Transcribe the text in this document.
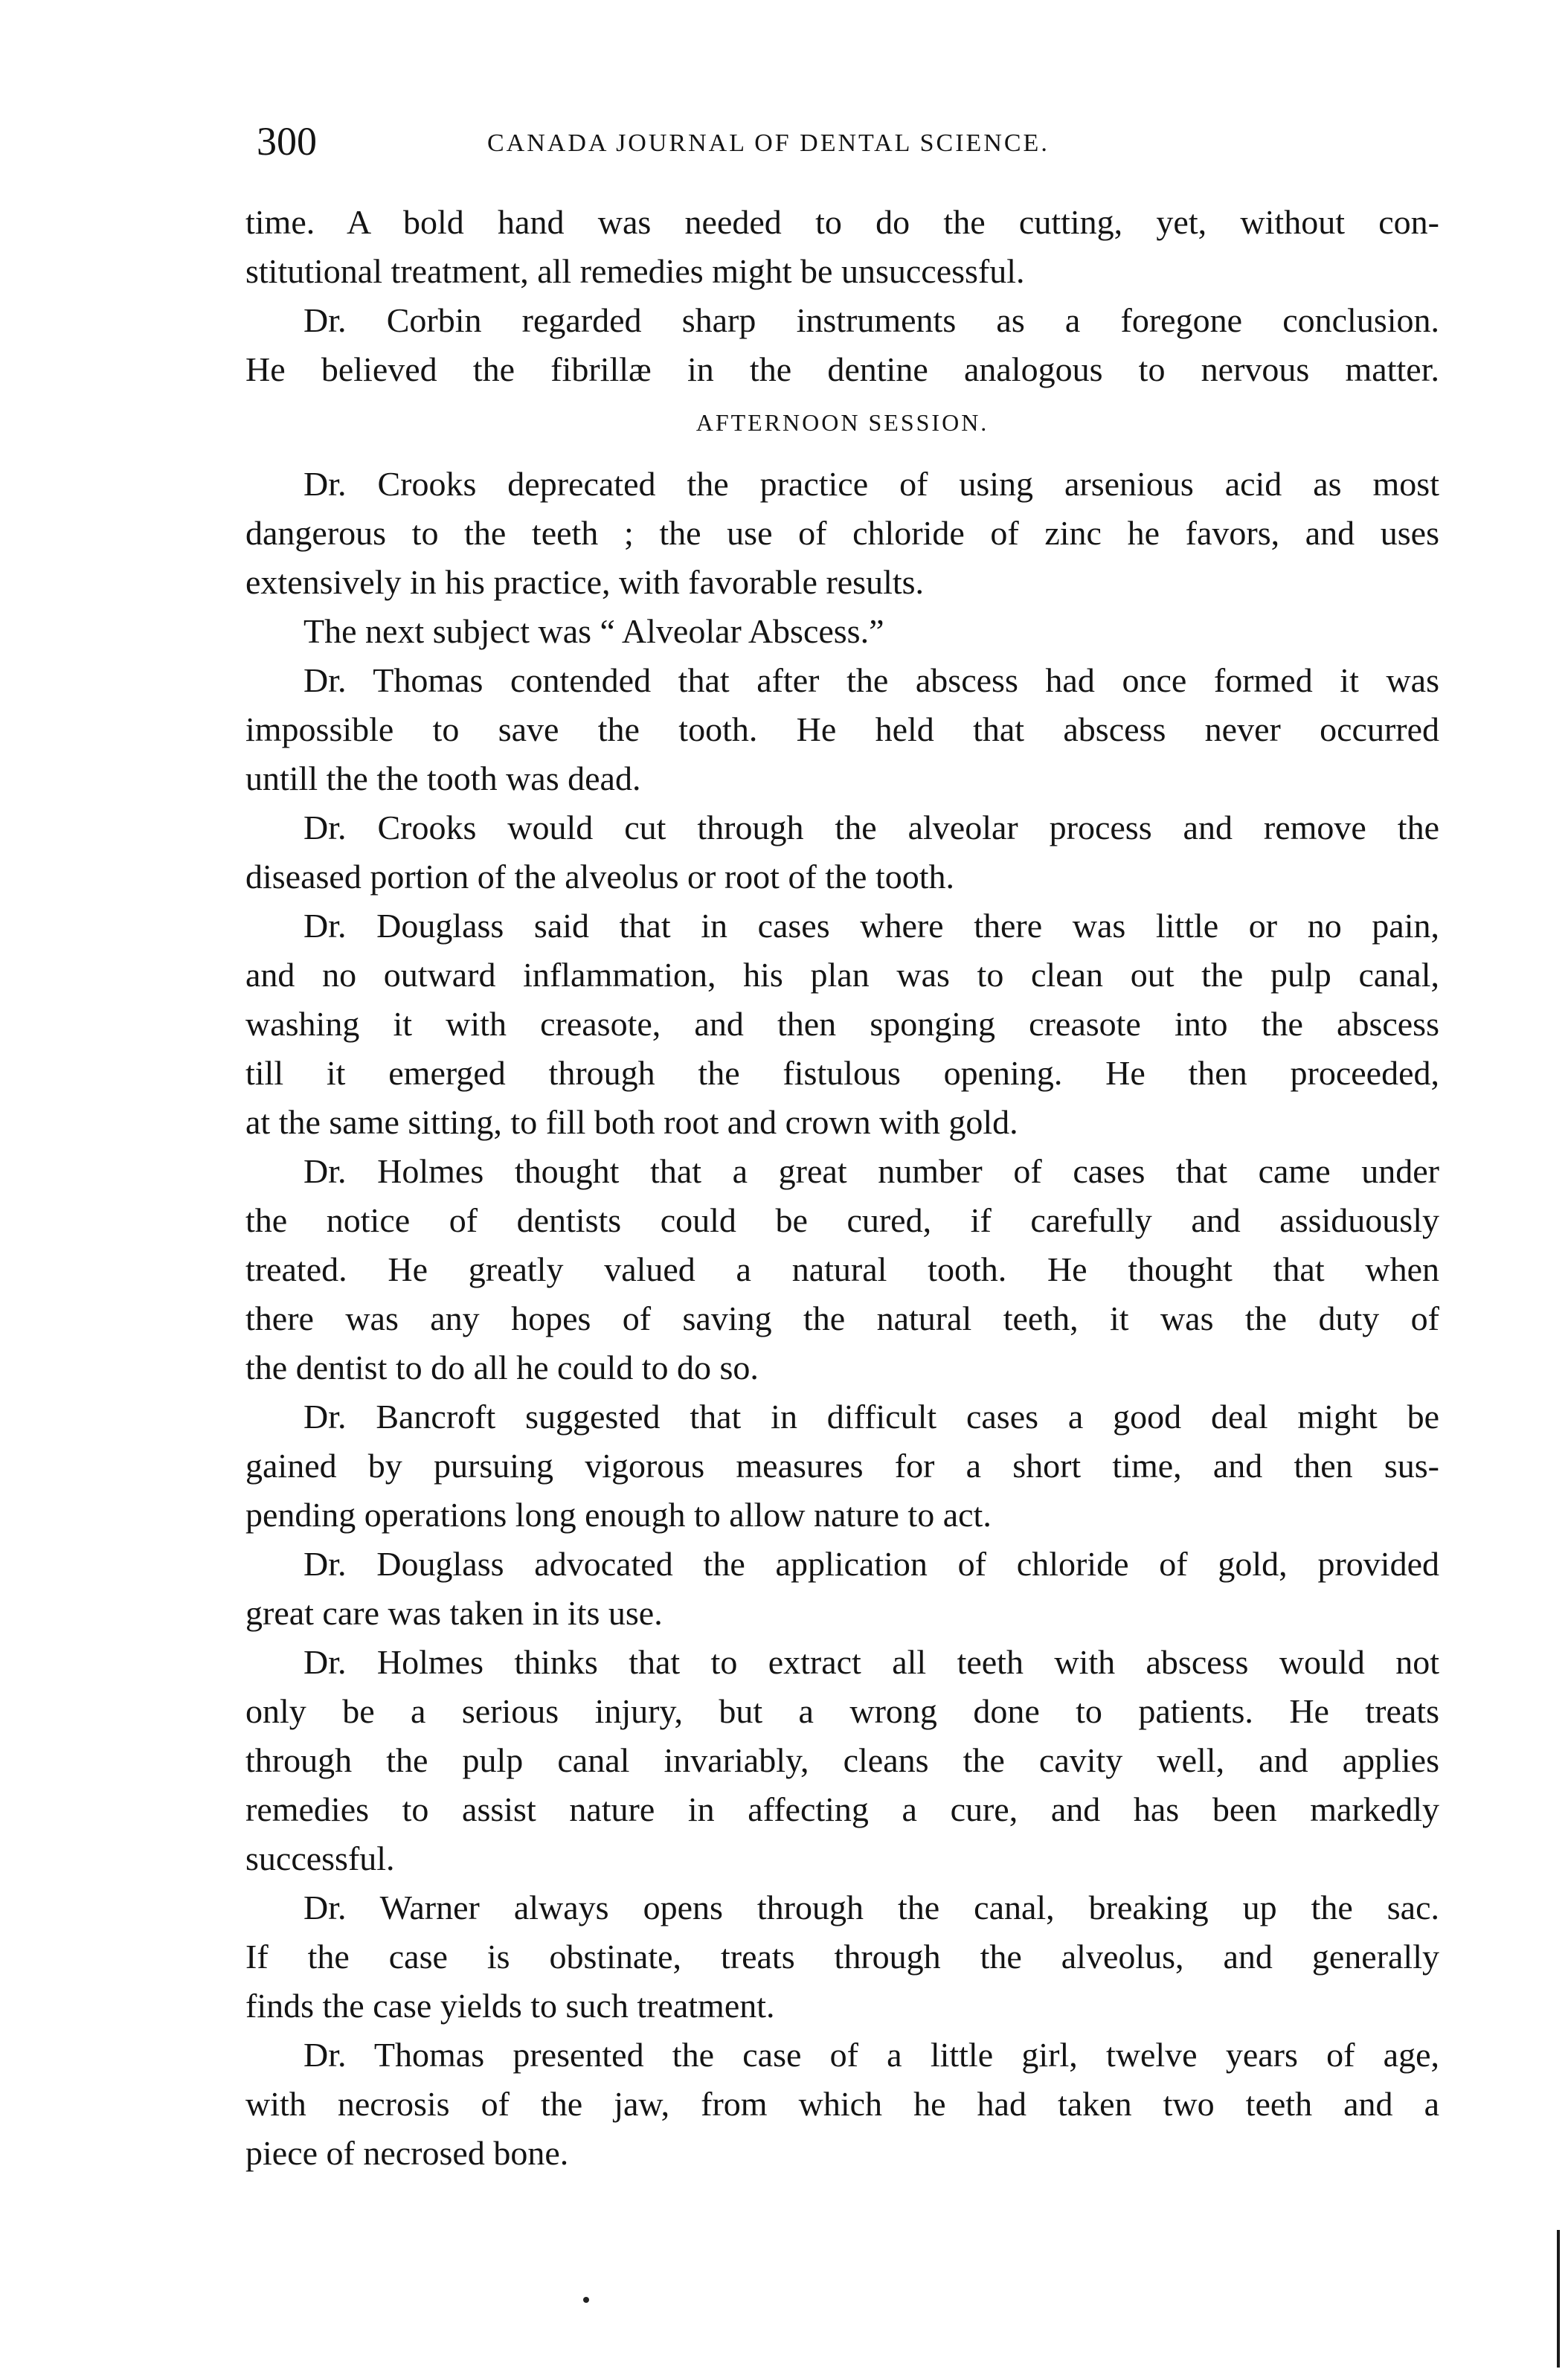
300	CANADA JOURNAL OF DENTAL SCIENCE.
time. A bold hand was needed to do the cutting, yet, without con-
stitutional treatment, all remedies might be unsuccessful.
Dr. Corbin regarded sharp instruments as a foregone conclusion.
He believed the fibrillæ in the dentine analogous to nervous matter.
AFTERNOON SESSION.
Dr. Crooks deprecated the practice of using arsenious acid as most
dangerous to the teeth ; the use of chloride of zinc he favors, and uses
extensively in his practice, with favorable results.
The next subject was “ Alveolar Abscess.”
Dr. Thomas contended that after the abscess had once formed it was
impossible to save the tooth. He held that abscess never occurred
untill the the tooth was dead.
Dr. Crooks would cut through the alveolar process and remove the
diseased portion of the alveolus or root of the tooth.
Dr. Douglass said that in cases where there was little or no pain,
and no outward inflammation, his plan was to clean out the pulp canal,
washing it with creasote, and then sponging creasote into the abscess
till it emerged through the fistulous opening. He then proceeded,
at the same sitting, to fill both root and crown with gold.
Dr. Holmes thought that a great number of cases that came under
the notice of dentists could be cured, if carefully and assiduously
treated. He greatly valued a natural tooth. He thought that when
there was any hopes of saving the natural teeth, it was the duty of
the dentist to do all he could to do so.
Dr. Bancroft suggested that in difficult cases a good deal might be
gained by pursuing vigorous measures for a short time, and then sus-
pending operations long enough to allow nature to act.
Dr. Douglass advocated the application of chloride of gold, provided
great care was taken in its use.
Dr. Holmes thinks that to extract all teeth with abscess would not
only be a serious injury, but a wrong done to patients. He treats
through the pulp canal invariably, cleans the cavity well, and applies
remedies to assist nature in affecting a cure, and has been markedly
successful.
Dr. Warner always opens through the canal, breaking up the sac.
If the case is obstinate, treats through the alveolus, and generally
finds the case yields to such treatment.
Dr. Thomas presented the case of a little girl, twelve years of age,
with necrosis of the jaw, from which he had taken two teeth and a
piece of necrosed bone.
